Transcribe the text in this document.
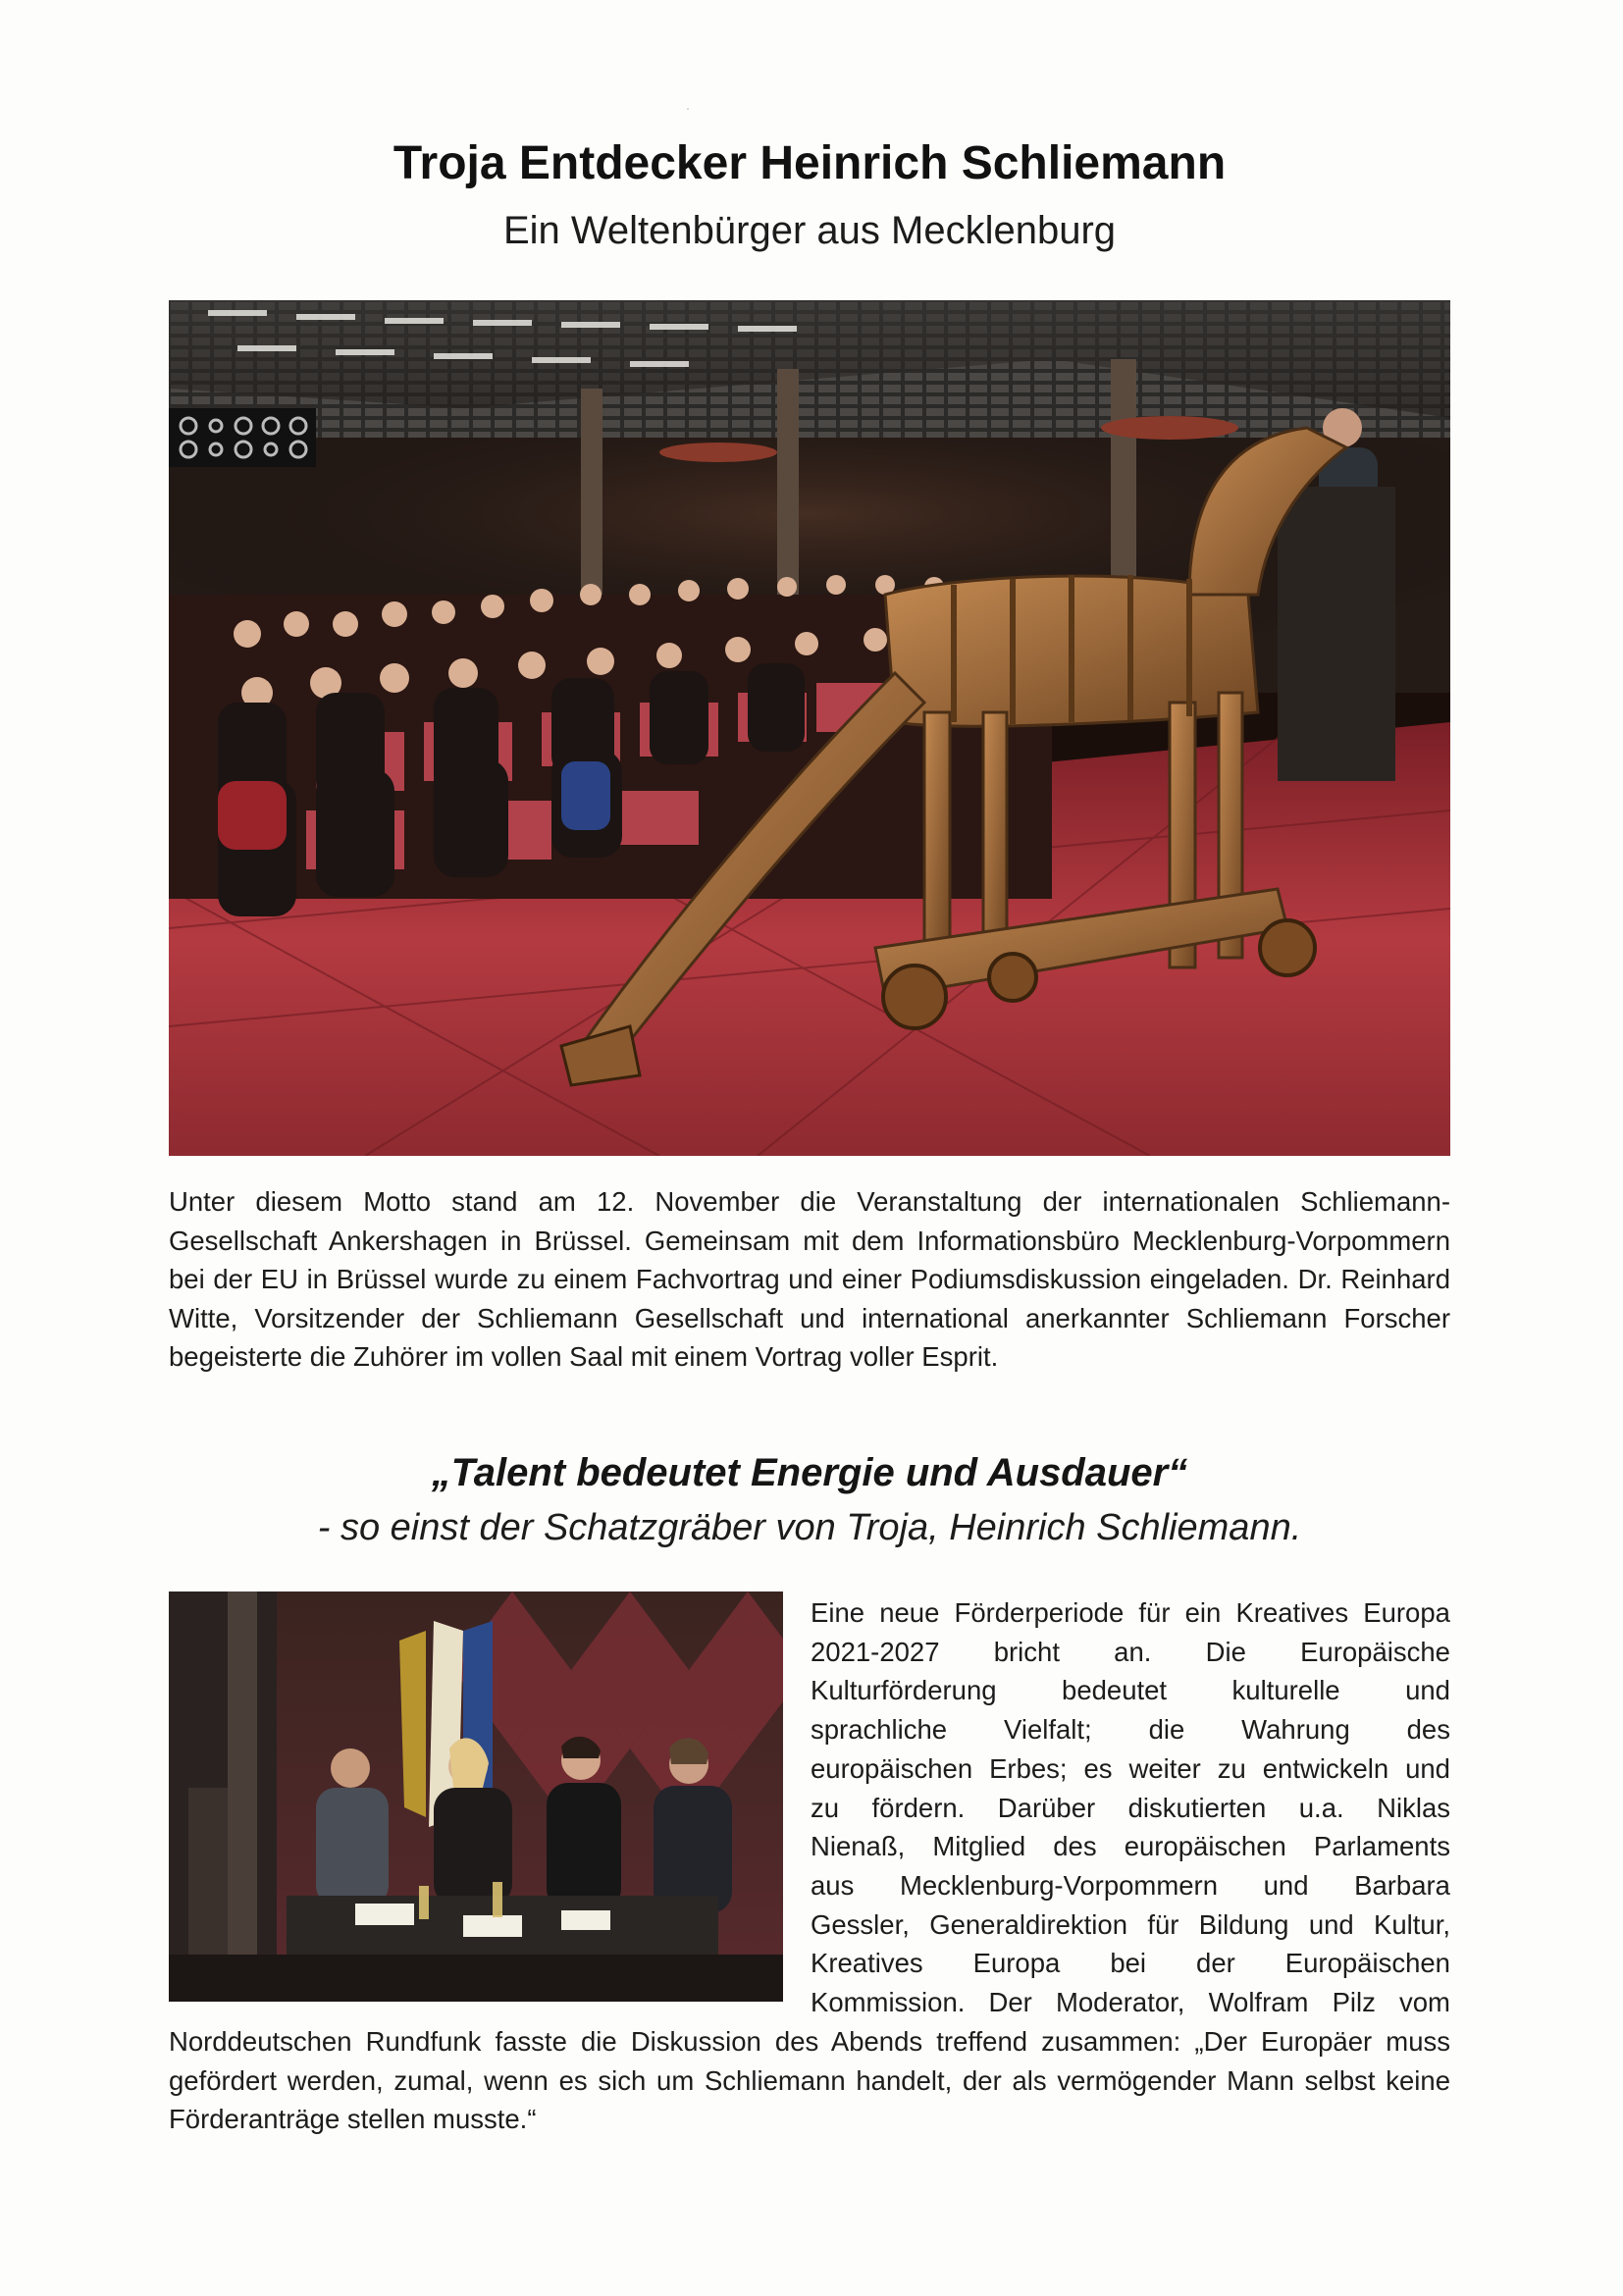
Troja Entdecker Heinrich Schliemann
Ein Weltenbürger aus Mecklenburg

Unter diesem Motto stand am 12. November die Veranstaltung der internationalen Schliemann-Gesellschaft Ankershagen in Brüssel. Gemeinsam mit dem Informationsbüro Mecklenburg-Vorpommern bei der EU in Brüssel wurde zu einem Fachvortrag und einer Podiumsdiskussion eingeladen. Dr. Reinhard Witte, Vorsitzender der Schliemann Gesellschaft und international anerkannter Schliemann Forscher begeisterte die Zuhörer im vollen Saal mit einem Vortrag voller Esprit.

„Talent bedeutet Energie und Ausdauer“
- so einst der Schatzgräber von Troja, Heinrich Schliemann.
Eine neue Förderperiode für ein Kreatives Europa
2021-2027 bricht an. Die Europäische
Kulturförderung bedeutet kulturelle und
sprachliche Vielfalt; die Wahrung des
europäischen Erbes; es weiter zu entwickeln und
zu fördern. Darüber diskutierten u.a. Niklas
Nienaß, Mitglied des europäischen Parlaments
aus Mecklenburg-Vorpommern und Barbara
Gessler, Generaldirektion für Bildung und Kultur,
Kreatives Europa bei der Europäischen
Kommission. Der Moderator, Wolfram Pilz vom

Norddeutschen Rundfunk fasste die Diskussion des Abends treffend zusammen: „Der Europäer muss gefördert werden, zumal, wenn es sich um Schliemann handelt, der als vermögender Mann selbst keine Förderanträge stellen musste.“
